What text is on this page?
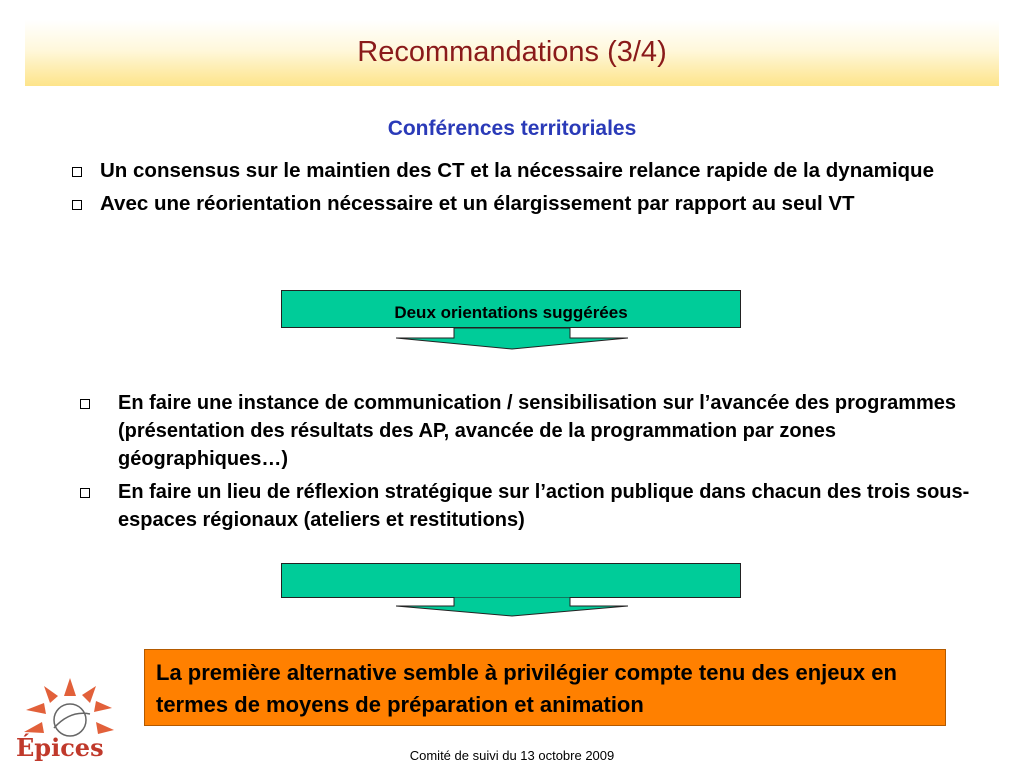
Recommandations (3/4)
Conférences territoriales
Un consensus sur le maintien des CT et la nécessaire relance rapide de la dynamique
Avec une réorientation nécessaire et un élargissement par rapport au seul VT
Deux orientations suggérées
En faire une instance de communication / sensibilisation sur l’avancée des programmes (présentation des résultats des AP, avancée de la programmation par zones géographiques…)
En faire un lieu de réflexion stratégique sur l’action publique dans chacun des trois sous-espaces régionaux (ateliers et restitutions)
La première alternative semble à privilégier compte tenu des enjeux en termes de moyens de préparation et animation
Épices	Comité de suivi du 13 octobre 2009
